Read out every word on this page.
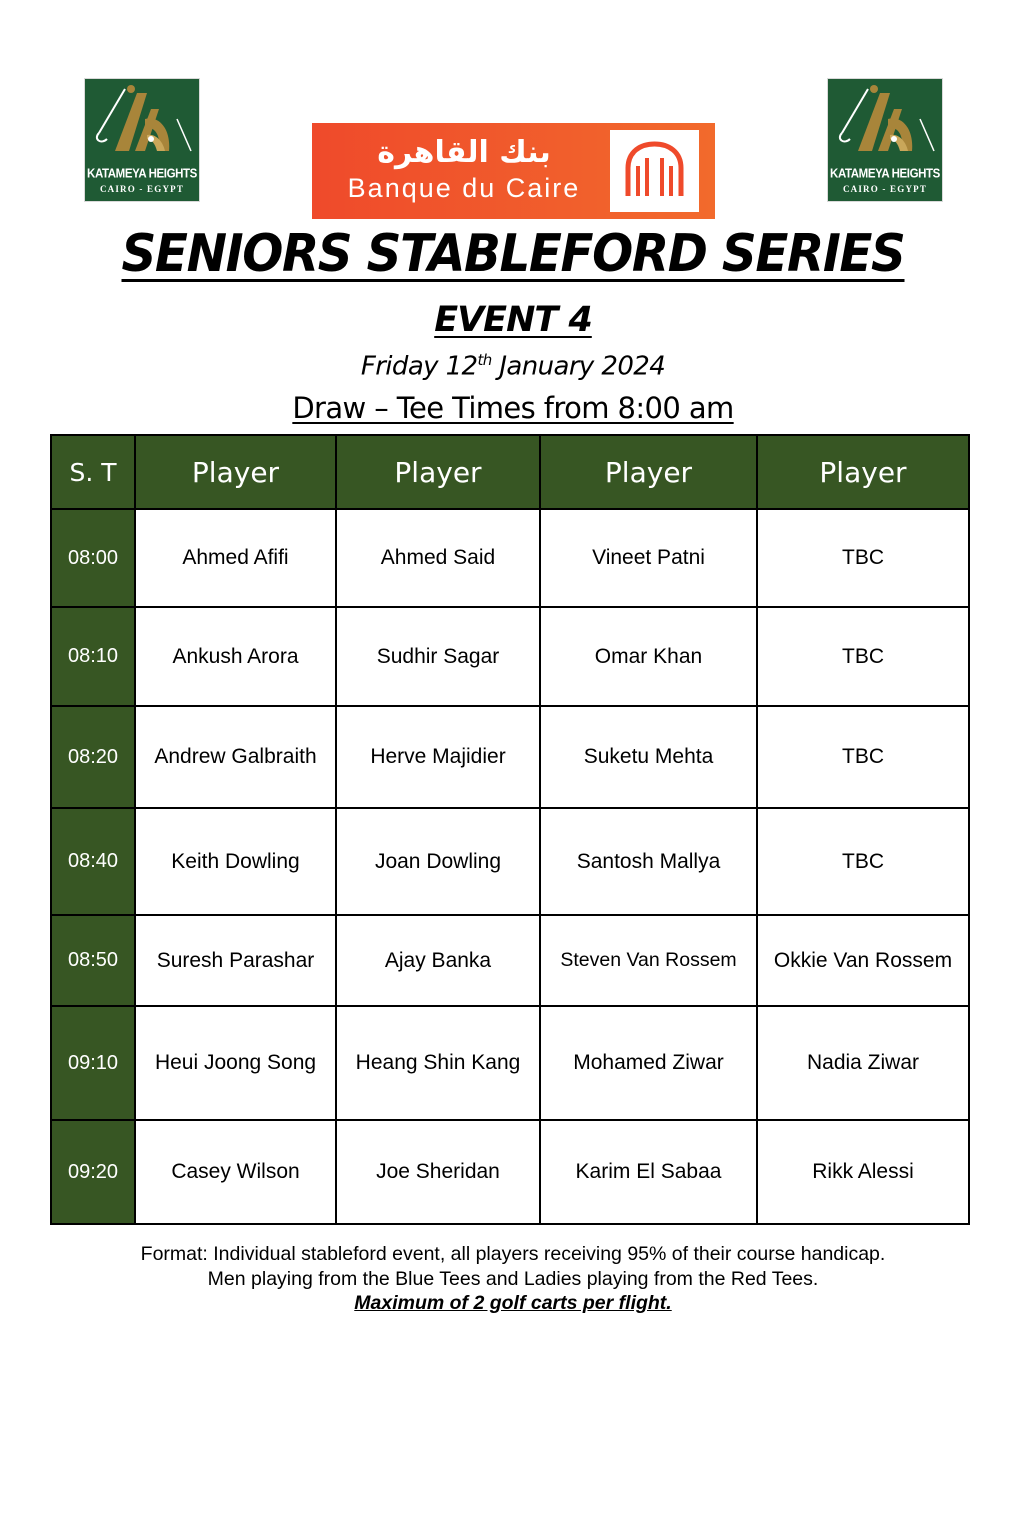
KATAMEYA HEIGHTS
CAIRO - EGYPT
بنك القاهرة
Banque du Caire	KATAMEYA HEIGHTS
CAIRO - EGYPT
SENIORS STABLEFORD SERIES
EVENT 4
Friday 12th January 2024
Draw – Tee Times from 8:00 am
S. T	Player	Player	Player	Player
08:00	Ahmed Afifi	Ahmed Said	Vineet Patni	TBC
08:10	Ankush Arora	Sudhir Sagar	Omar Khan	TBC
08:20	Andrew Galbraith	Herve Majidier	Suketu Mehta	TBC
08:40	Keith Dowling	Joan Dowling	Santosh Mallya	TBC
08:50	Suresh Parashar	Ajay Banka	Steven Van Rossem	Okkie Van Rossem
09:10	Heui Joong Song	Heang Shin Kang	Mohamed Ziwar	Nadia Ziwar
09:20	Casey Wilson	Joe Sheridan	Karim El Sabaa	Rikk Alessi
Format: Individual stableford event, all players receiving 95% of their course handicap.
Men playing from the Blue Tees and Ladies playing from the Red Tees.
Maximum of 2 golf carts per flight.
